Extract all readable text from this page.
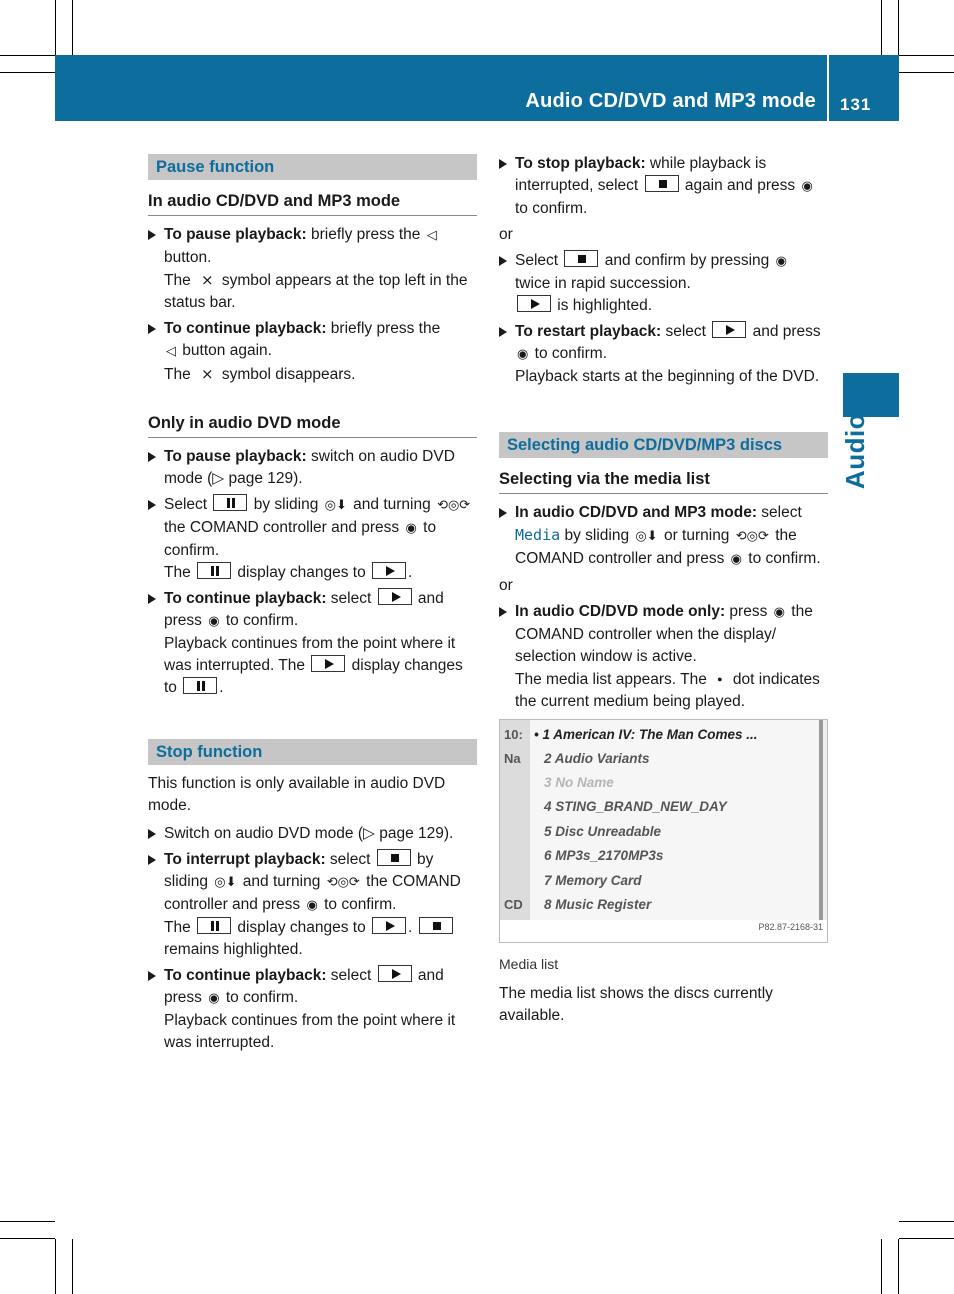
Audio CD/DVD and MP3 mode 131
Audio
Pause function
In audio CD/DVD and MP3 mode
To pause playback: briefly press the ◁ button.
The ⨯ symbol appears at the top left in the status bar.
To continue playback: briefly press the
◁ button again.
The ⨯ symbol disappears.
Only in audio DVD mode
To pause playback: switch on audio DVD mode (▷ page 129).
Select  by sliding ◎⬇ and turning ⟲◎⟳ the COMAND controller and press ◉ to confirm.
The  display changes to .
To continue playback: select  and press ◉ to confirm.
Playback continues from the point where it was interrupted. The  display changes to .
Stop function
This function is only available in audio DVD mode.
Switch on audio DVD mode (▷ page 129).
To interrupt playback: select  by sliding ◎⬇ and turning ⟲◎⟳ the COMAND controller and press ◉ to confirm.
The  display changes to .
remains highlighted.
To continue playback: select  and press ◉ to confirm.
Playback continues from the point where it was interrupted.
To stop playback: while playback is interrupted, select  again and press ◉ to confirm.
or
Select  and confirm by pressing ◉ twice in rapid succession.
is highlighted.
To restart playback: select  and press ◉ to confirm.
Playback starts at the beginning of the DVD.
Selecting audio CD/DVD/MP3 discs
Selecting via the media list
In audio CD/DVD and MP3 mode: select
Media by sliding ◎⬇ or turning ⟲◎⟳ the COMAND controller and press ◉ to confirm.
or
In audio CD/DVD mode only: press ◉ the COMAND controller when the display/ selection window is active.
The media list appears. The ● dot indicates the current medium being played.
10:
Na
CD
• 1 American IV: The Man Comes ...
2 Audio Variants
3 No Name
4 STING_BRAND_NEW_DAY
5 Disc Unreadable
6 MP3s_2170MP3s
7 Memory Card
8 Music Register
P82.87-2168-31
Media list
The media list shows the discs currently available.
